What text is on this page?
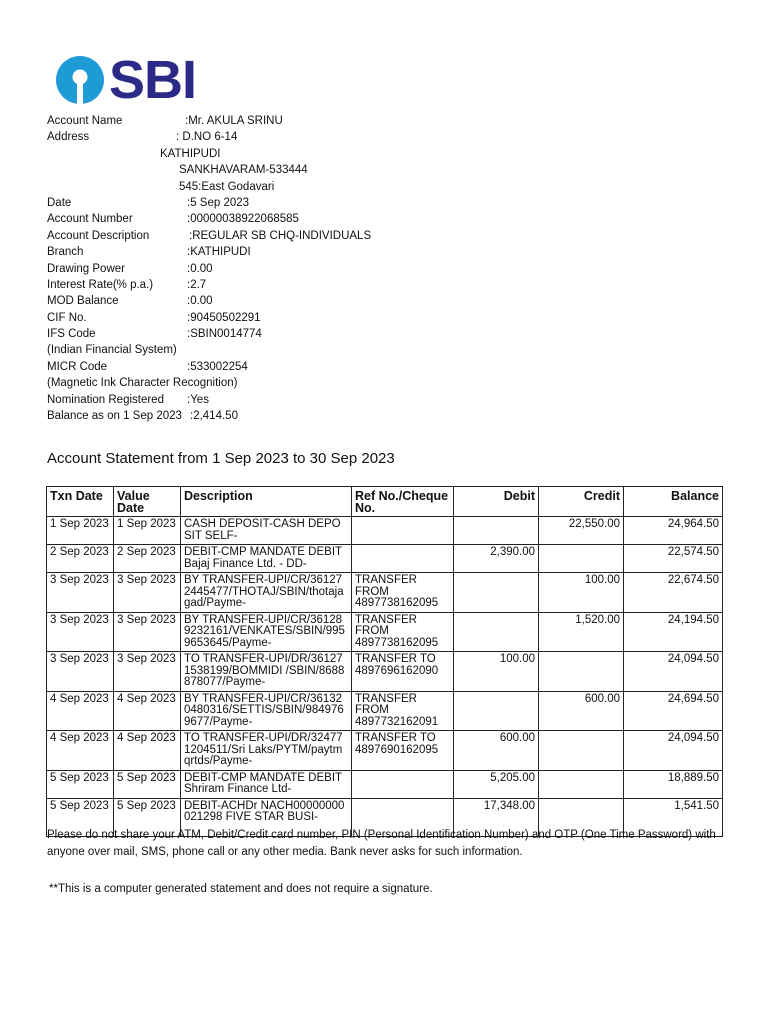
SBI
Account Name	:Mr. AKULA SRINU
Address	: D.NO 6-14
KATHIPUDI
SANKHAVARAM-533444
545:East Godavari
Date	:5 Sep 2023
Account Number	:00000038922068585
Account Description	:REGULAR SB CHQ-INDIVIDUALS
Branch	:KATHIPUDI
Drawing Power	:0.00
Interest Rate(% p.a.)	:2.7
MOD Balance	:0.00
CIF No.	:90450502291
IFS Code	:SBIN0014774
(Indian Financial System)
MICR Code	:533002254
(Magnetic Ink Character Recognition)
Nomination Registered :Yes
Balance as on 1 Sep 2023 :2,414.50
Account Statement from 1 Sep 2023 to 30 Sep 2023
Txn Date	Value Date	Description	Ref No./Cheque No.	Debit	Credit	Balance
1 Sep 2023	1 Sep 2023	CASH DEPOSIT-CASH DEPOSIT SELF-			22,550.00	24,964.50
2 Sep 2023	2 Sep 2023	DEBIT-CMP MANDATE DEBIT Bajaj Finance Ltd. - DD-		2,390.00		22,574.50
3 Sep 2023	3 Sep 2023	BY TRANSFER-UPI/CR/361272445477/THOTAJ/SBIN/thotajagad/Payme-	TRANSFER FROM 4897738162095		100.00	22,674.50
3 Sep 2023	3 Sep 2023	BY TRANSFER-UPI/CR/361289232161/VENKATES/SBIN/9959653645/Payme-	TRANSFER FROM 4897738162095		1,520.00	24,194.50
3 Sep 2023	3 Sep 2023	TO TRANSFER-UPI/DR/361271538199/BOMMIDI /SBIN/8688878077/Payme-	TRANSFER TO 4897696162090	100.00		24,094.50
4 Sep 2023	4 Sep 2023	BY TRANSFER-UPI/CR/361320480316/SETTIS/SBIN/9849769677/Payme-	TRANSFER FROM 4897732162091		600.00	24,694.50
4 Sep 2023	4 Sep 2023	TO TRANSFER-UPI/DR/324771204511/Sri Laks/PYTM/paytmqrtds/Payme-	TRANSFER TO 4897690162095	600.00		24,094.50
5 Sep 2023	5 Sep 2023	DEBIT-CMP MANDATE DEBIT Shriram Finance Ltd-		5,205.00		18,889.50
5 Sep 2023	5 Sep 2023	DEBIT-ACHDr NACH00000000021298 FIVE STAR BUSI-		17,348.00		1,541.50

Please do not share your ATM, Debit/Credit card number, PIN (Personal Identification Number) and OTP (One Time Password) with anyone over mail, SMS, phone call or any other media. Bank never asks for such information.

**This is a computer generated statement and does not require a signature.
